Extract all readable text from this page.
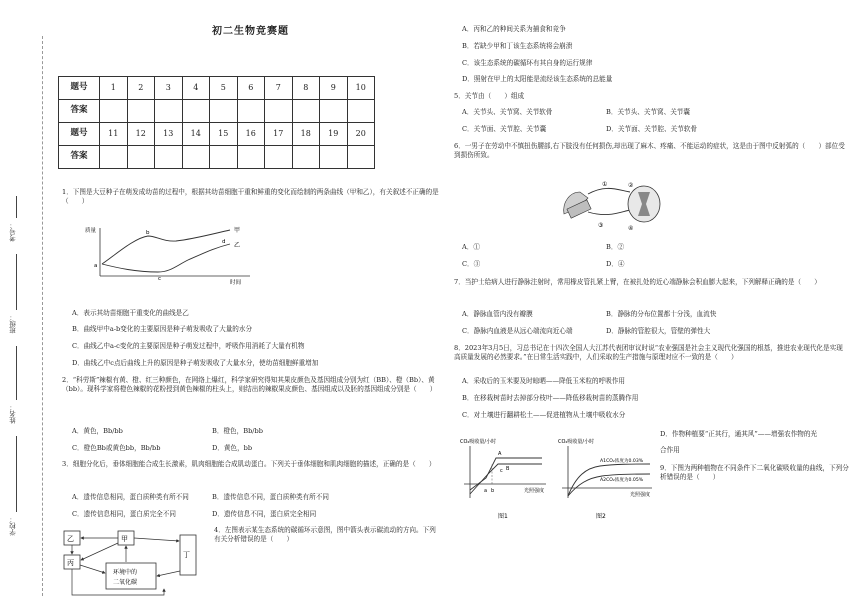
初二生物竞赛题
题号	1	2	3	4	5	6	7	8	9	10
答案										
题号	11	12	13	14	15	16	17	18	19	20
答案										
考号：
班级：
姓名：
学校：
1．下图是大豆种子在萌发成幼苗的过程中，根据其幼苗细胞干重和鲜重的变化而绘制的两条曲线（甲和乙），有关叙述不正确的是（　　）
质量
时间
甲
乙
a
b
c
d
A．表示其幼苗细胞干重变化的曲线是乙
B．曲线甲中a-b变化的主要原因是种子萌发吸收了大量的水分
C．曲线乙中a-c变化的主要原因是种子萌发过程中，呼吸作用消耗了大量有机物
D．曲线乙中c点后曲线上升的原因是种子萌发吸收了大量水分，使幼苗细胞鲜重增加
2．“科劳斯”辣椒有黄、橙、红三种颜色，在网络上爆红，科学家研究得知其果皮颜色及基因组成分别为红（BB）、橙（Bb）、黄（bb）。现科学家将橙色辣椒的花粉授到黄色辣椒的柱头上，则结出的辣椒果皮颜色、基因组成以及胚的基因组成分别是（　　）
A．黄色，Bb/bb	B．橙色，Bb/bb
C．橙色Bb或黄色bb，Bb/bb	D．黄色，bb
3．细胞分化后，垂体细胞能合成生长激素，肌肉细胞能合成肌动蛋白。下列关于垂体细胞和肌肉细胞的描述，正确的是（　　）
A．遗传信息相同，蛋白质种类有所不同	B．遗传信息不同，蛋白质种类有所不同
C．遗传信息相同，蛋白质完全不同	D．遗传信息不同，蛋白质完全相同
乙	甲
丙
丁
环境中的
二氧化碳
4．左图表示某生态系统的碳循环示意图，图中箭头表示碳流动的方向。下列有关分析错误的是（　　）
A．丙和乙的种间关系为捕食和竞争
B．若缺少甲和丁该生态系统将会崩溃
C．该生态系统的碳循环有其自身的运行规律
D．照射在甲上的太阳能是流经该生态系统的总能量
5．关节由（　　）组成
A．关节头、关节窝、关节软骨	B．关节头、关节窝、关节囊
C．关节面、关节腔、关节囊	D．关节面、关节腔、关节软骨
6．一男子在劳动中不慎扭伤腰部,右下肢没有任何损伤,却出现了麻木、疼痛、不能运动的症状，这是由于图中反射弧的（　　）部位受到损伤所致。
①	②
③	④
A．①	B．②
C．③	D．④
7．当护士给病人进行静脉注射时，常用橡皮管扎紧上臂，在被扎处的近心端静脉会积血膨大起来，下列解释正确的是（　　）
A．静脉血管内没有瓣膜	B．静脉的分布位置都十分浅，血流快
C．静脉内血液是从远心端流向近心端	D．静脉的管腔很大，管壁的弹性大
8．2023年3月5日，习总书记在十四次全国人大江苏代表团审议时说“农业强国是社会主义现代化强国的根基，推进农业现代化是实现高质量发展的必然要求。”在日常生活实践中，人们采取的生产措施与原理对应不一致的是（　　）
A．采收后的玉米要及时晾晒——降低玉米粒的呼吸作用
B．在移栽树苗时去掉部分枝叶——降低移栽树苗的蒸腾作用
C．对土壤进行翻耕松土——促进植物从土壤中吸收水分
D．作物种植要“正其行，通其风”——增强农作物的光
合作用
CO₂吸收量/小时
光照强度
a b
c
A
B
图1
CO₂吸收量/小时
光照强度
A1CO₂浓度为0.03%
A2CO₂浓度为0.05%
图2
9．下图为两种植物在不同条件下二氧化碳吸收量的曲线，下列分析错误的是（　　）
